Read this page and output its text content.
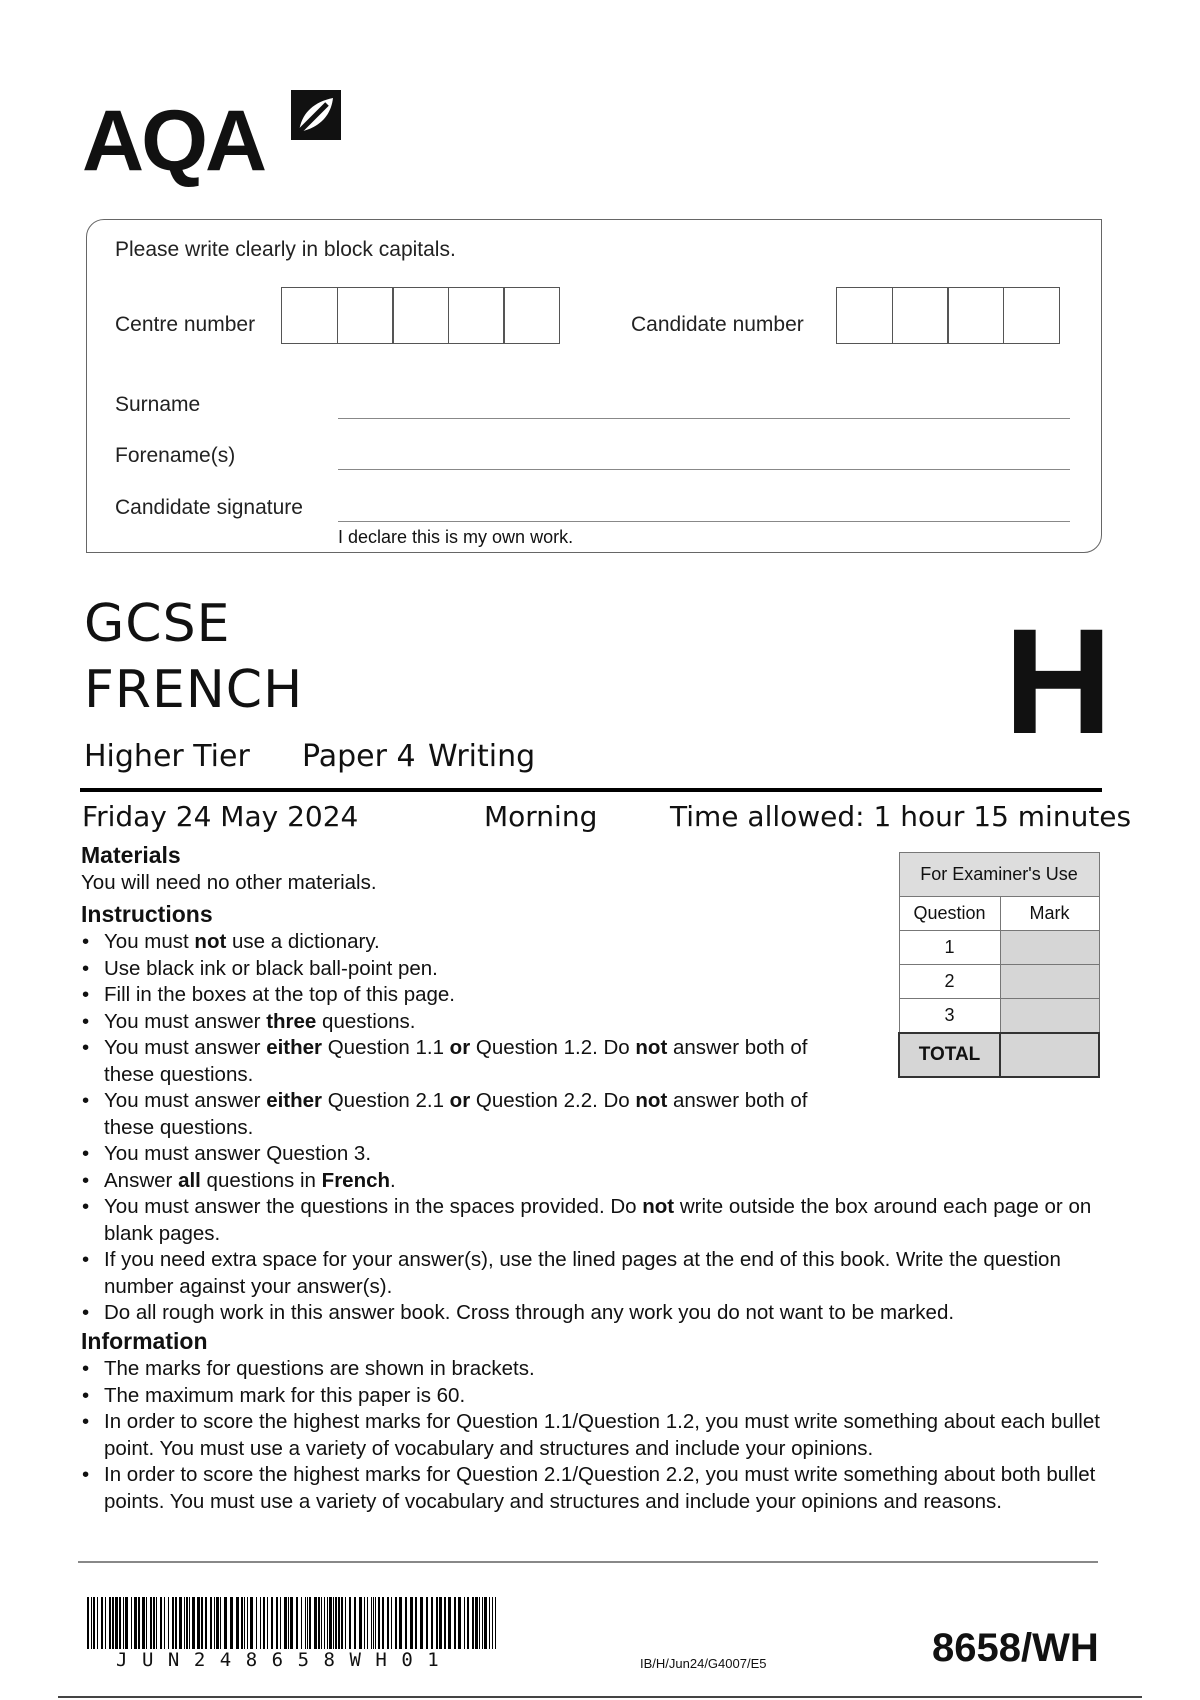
AQA
Please write clearly in block capitals.
Centre number	Candidate number
Surname
Forename(s)
Candidate signature
I declare this is my own work.
GCSE
FRENCH	H
Higher Tier Paper 4 Writing
Friday 24 May 2024	Morning	Time allowed: 1 hour 15 minutes
Materials
You will need no other materials.
Instructions
• You must not use a dictionary.
• Use black ink or black ball-point pen.
• Fill in the boxes at the top of this page.
• You must answer three questions.
• You must answer either Question 1.1 or Question 1.2. Do not answer both of these questions.
• You must answer either Question 2.1 or Question 2.2. Do not answer both of these questions.
• You must answer Question 3.
• Answer all questions in French.
• You must answer the questions in the spaces provided. Do not write outside the box around each page or on blank pages.
• If you need extra space for your answer(s), use the lined pages at the end of this book. Write the question number against your answer(s).
• Do all rough work in this answer book. Cross through any work you do not want to be marked.
Information
• The marks for questions are shown in brackets.
• The maximum mark for this paper is 60.
• In order to score the highest marks for Question 1.1/Question 1.2, you must write something about each bullet point. You must use a variety of vocabulary and structures and include your opinions.
• In order to score the highest marks for Question 2.1/Question 2.2, you must write something about both bullet points. You must use a variety of vocabulary and structures and include your opinions and reasons.
For Examiner's Use	
Question	Mark
1	
2	
3	
TOTAL	
JUN248658WH01	IB/H/Jun24/G4007/E5	8658/WH
